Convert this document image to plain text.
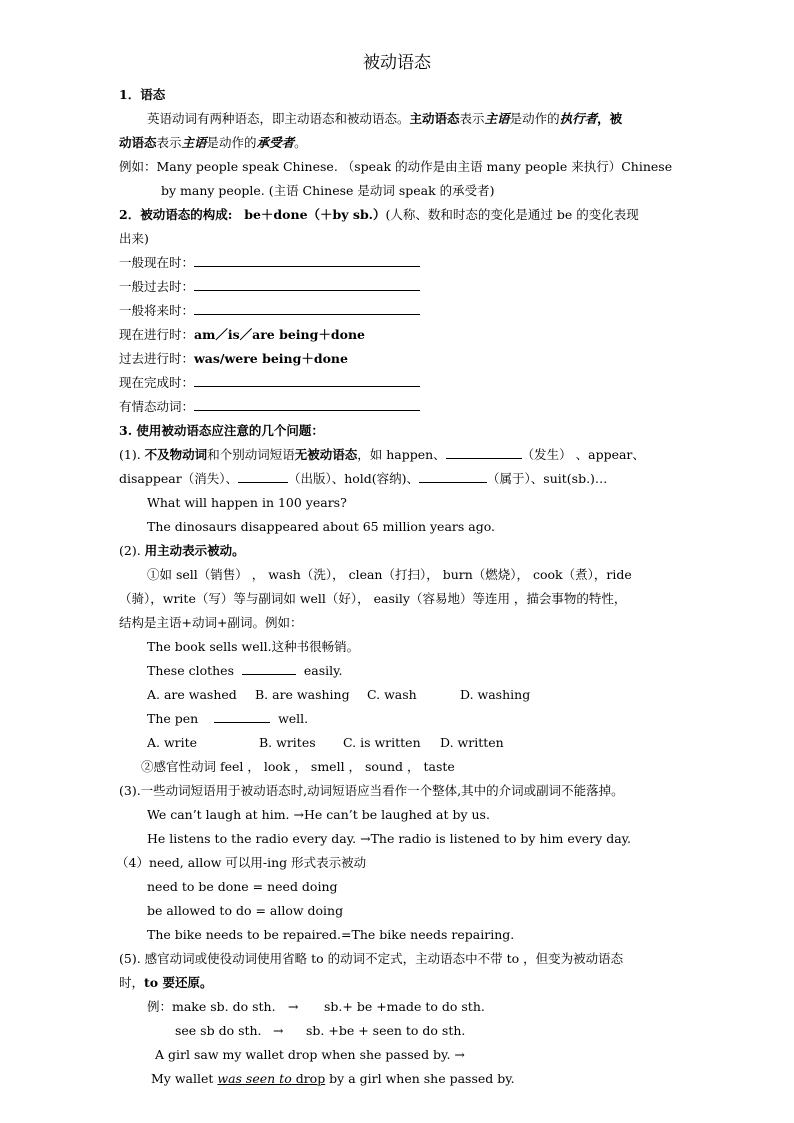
被动语态
1．语态
英语动词有两种语态，即主动语态和被动语态。主动语态表示主语是动作的执行者，被
动语态表示主语是动作的承受者。
例如：Many people speak Chinese. （speak 的动作是由主语 many people 来执行）Chinese
by many people. (主语 Chinese 是动词 speak 的承受者)
2．被动语态的构成: be＋done（＋by sb.）(人称、数和时态的变化是通过 be 的变化表现
出来)
一般现在时：
一般过去时：
一般将来时：
现在进行时：am／is／are being＋done
过去进行时：was/were being＋done
现在完成时：
有情态动词：
3. 使用被动语态应注意的几个问题：
(1). 不及物动词和个别动词短语无被动语态，如 happen、	（发生） 、appear、
disappear（消失）、	（出版）、hold(容纳)、	（属于）、suit(sb.)…
What will happen in 100 years?
The dinosaurs disappeared about 65 million years ago.
(2). 用主动表示被动。
①如 sell（销售） ， wash（洗）， clean（打扫）， burn（燃烧）， cook（煮），ride
（骑），write（写）等与副词如 well（好）， easily（容易地）等连用 ，描会事物的特性，
结构是主语+动词+副词。例如：
The book sells well.这种书很畅销。
These clothes	easily.
A. are washed B. are washing C. wash	D. washing
The pen	well.
A. write	B. writes C. is written D. written
②感官性动词 feel ， look ， smell ， sound ， taste
(3).一些动词短语用于被动语态时,动词短语应当看作一个整体,其中的介词或副词不能落掉。
We can’t laugh at him. →He can’t be laughed at by us.
He listens to the radio every day. →The radio is listened to by him every day.
（4）need, allow 可以用-ing 形式表示被动
need to be done = need doing
be allowed to do = allow doing
The bike needs to be repaired.=The bike needs repairing.
(5). 感官动词或使役动词使用省略 to 的动词不定式，主动语态中不带 to ，但变为被动语态
时，to 要还原。
例：make sb. do sth. → sb.+ be +made to do sth.
see sb do sth. → sb. +be + seen to do sth.
A girl saw my wallet drop when she passed by. →
My wallet was seen to drop by a girl when she passed by.
